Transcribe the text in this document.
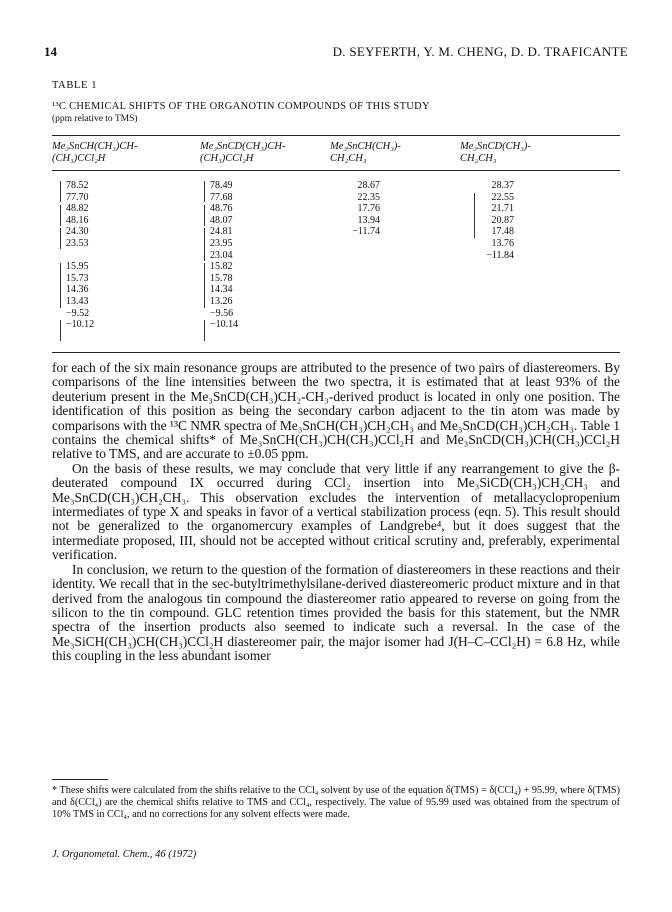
14	D. SEYFERTH, Y. M. CHENG, D. D. TRAFICANTE
TABLE 1
¹³C CHEMICAL SHIFTS OF THE ORGANOTIN COMPOUNDS OF THIS STUDY
(ppm relative to TMS)
Me₃SnCH(CH₃)CH-
(CH₃)CCl₂H
Me₃SnCD(CH₃)CH-
(CH₃)CCl₂H
Me₃SnCH(CH₃)-
CH₂CH₃
Me₃SnCD(CH₃)-
CH₂CH₃
78.52
77.70
48.82
48.16
24.30
23.53
15.95
15.73
14.36
13.43
−9.52
−10.12
78.49
77.68
48.76
48.07
24.81
23.95
23.04
15.82
15.78
14.34
13.26
−9.56
−10.14
28.67
22.35
17.76
13.94
−11.74
28.37
22.55
21.71
20.87
17.48
13.76
−11.84

for each of the six main resonance groups are attributed to the presence of two pairs of diastereomers. By comparisons of the line intensities between the two spectra, it is estimated that at least 93% of the deuterium present in the Me₃SnCD(CH₃)CH₂-CH₃-derived product is located in only one position. The identification of this position as being the secondary carbon adjacent to the tin atom was made by comparisons with the ¹³C NMR spectra of Me₃SnCH(CH₃)CH₂CH₃ and Me₃SnCD(CH₃)CH₂CH₃. Table 1 contains the chemical shifts* of Me₃SnCH(CH₃)CH(CH₃)CCl₂H and Me₃SnCD(CH₃)CH(CH₃)CCl₂H relative to TMS, and are accurate to ±0.05 ppm.

On the basis of these results, we may conclude that very little if any rearrangement to give the β-deuterated compound IX occurred during CCl₂ insertion into Me₃SiCD(CH₃)CH₂CH₃ and Me₃SnCD(CH₃)CH₂CH₃. This observation excludes the intervention of metallacyclopropenium intermediates of type X and speaks in favor of a vertical stabilization process (eqn. 5). This result should not be generalized to the organomercury examples of Landgrebe⁴, but it does suggest that the intermediate proposed, III, should not be accepted without critical scrutiny and, preferably, experimental verification.

In conclusion, we return to the question of the formation of diastereomers in these reactions and their identity. We recall that in the sec-butyltrimethylsilane-derived diastereomeric product mixture and in that derived from the analogous tin compound the diastereomer ratio appeared to reverse on going from the silicon to the tin compound. GLC retention times provided the basis for this statement, but the NMR spectra of the insertion products also seemed to indicate such a reversal. In the case of the Me₃SiCH(CH₃)CH(CH₃)CCl₂H diastereomer pair, the major isomer had J(H–C–CCl₂H) = 6.8 Hz, while this coupling in the less abundant isomer

* These shifts were calculated from the shifts relative to the CCl₄ solvent by use of the equation δ(TMS) = δ(CCl₄) + 95.99, where δ(TMS) and δ(CCl₄) are the chemical shifts relative to TMS and CCl₄, respectively. The value of 95.99 used was obtained from the spectrum of 10% TMS in CCl₄, and no corrections for any solvent effects were made.
J. Organometal. Chem., 46 (1972)
